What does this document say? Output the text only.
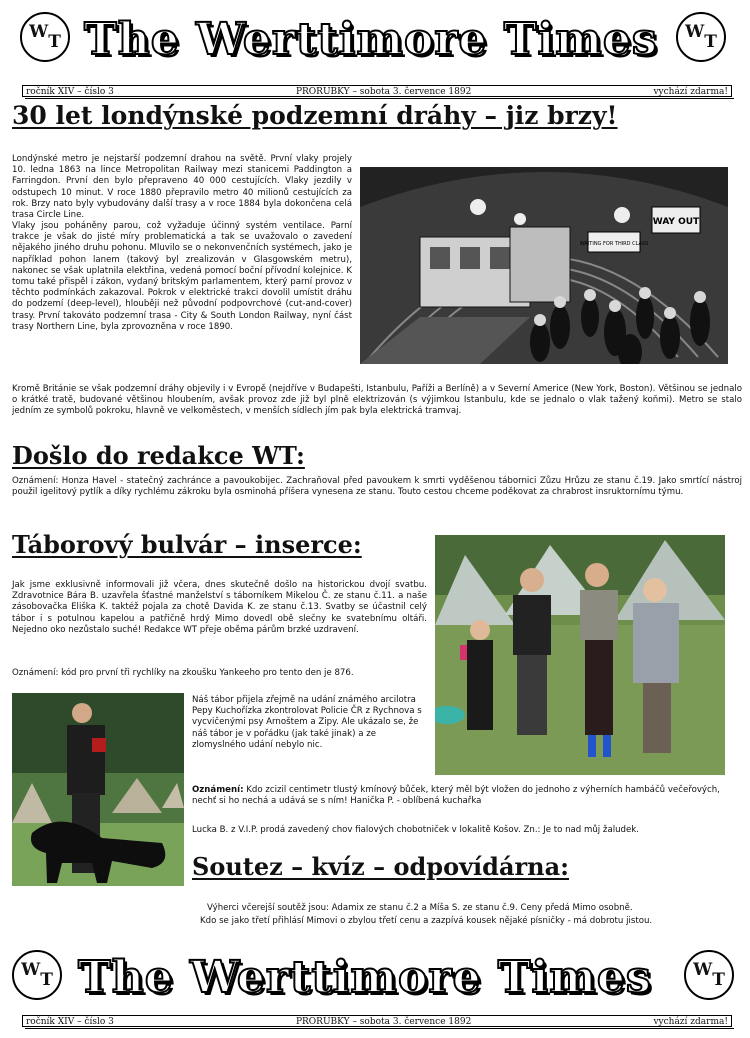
W T The Werttimore Times W T
ročník XIV – číslo 3	PRORUBKY – sobota 3. července 1892	vychází zdarma!
30 let londýnské podzemní dráhy – jiz brzy!
WAY OUT
WAITING FOR THIRD CLASS
Londýnské metro je nejstarší podzemní drahou na světě. První vlaky projely 10. ledna 1863 na lince Metropolitan Railway mezi stanicemi Paddington a Farringdon. První den bylo přepraveno 40 000 cestujících. Vlaky jezdily v odstupech 10 minut. V roce 1880 přepravilo metro 40 milionů cestujících za rok. Brzy nato byly vybudovány další trasy a v roce 1884 byla dokončena celá trasa Circle Line.
Vlaky jsou poháněny parou, což vyžaduje účinný systém ventilace. Parní trakce je však do jisté míry problematická a tak se uvažovalo o zavedení nějakého jiného druhu pohonu. Mluvilo se o nekonvenčních systémech, jako je například pohon lanem (takový byl zrealizován v Glasgowském metru), nakonec se však uplatnila elektřina, vedená pomocí boční přívodní kolejnice. K tomu také přispěl i zákon, vydaný britským parlamentem, který parní provoz v těchto podmínkách zakazoval. Pokrok v elektrické trakci dovolil umístit dráhu do podzemí (deep-level), hlouběji než původní podpovrchové (cut-and-cover) trasy. První takováto podzemní trasa - City & South London Railway, nyní část trasy Northern Line, byla zprovozněna v roce 1890.
Kromě Británie se však podzemní dráhy objevily i v Evropě (nejdříve v Budapešti, Istanbulu, Paříži a Berlíně) a v Severní Americe (New York, Boston). Většinou se jednalo o krátké tratě, budované většinou hloubením, avšak provoz zde již byl plně elektrizován (s výjimkou Istanbulu, kde se jednalo o vlak tažený koňmi). Metro se stalo jedním ze symbolů pokroku, hlavně ve velkoměstech, v menších sídlech jím pak byla elektrická tramvaj.
Došlo do redakce WT:
Oznámení: Honza Havel - statečný zachránce a pavoukobijec. Zachraňoval před pavoukem k smrti vyděšenou tábornici Zůzu Hrůzu ze stanu č.19. Jako smrtící nástroj použil igelitový pytlík a díky rychlému zákroku byla osminohá příšera vynesena ze stanu. Touto cestou chceme poděkovat za chrabrost insruktornímu týmu.
Táborový bulvár – inserce:
Jak jsme exklusivně informovali již včera, dnes skutečně došlo na historickou dvojí svatbu. Zdravotnice Bára B. uzavřela šťastné manželství s táborníkem Mikelou Č. ze stanu č.11. a naše zásobovačka Eliška K. taktéž pojala za chotě Davida K. ze stanu č.13. Svatby se účastnil celý tábor i s potulnou kapelou a patřičně hrdý Mimo dovedl obě slečny ke svatebnímu oltáři. Nejedno oko nezůstalo suché! Redakce WT přeje oběma párům brzké uzdravení.
Oznámení: kód pro první tři rychlíky na zkoušku Yankeeho pro tento den je 876.
Náš tábor přijela zřejmě na udání známého arcilotra Pepy Kuchořízka zkontrolovat Policie ČR z Rychnova s vycvičenými psy Arnoštem a Zipy. Ale ukázalo se, že náš tábor je v pořádku (jak také jinak) a ze zlomyslného udání nebylo nic.
Oznámení: Kdo zcizil centimetr tlustý kmínový bůček, který měl být vložen do jednoho z výherních hambáčů večeřových, nechť si ho nechá a udává se s ním! Hanička P. - oblíbená kuchařka
Lucka B. z V.I.P. prodá zavedený chov fialových chobotniček v lokalitě Košov. Zn.: Je to nad můj žaludek.
Soutez – kvíz – odpovídárna:
Výherci včerejší soutěž jsou: Adamix ze stanu č.2 a Míša S. ze stanu č.9. Ceny předá Mimo osobně.
Kdo se jako třetí přihlásí Mimovi o zbylou třetí cenu a zazpívá kousek nějaké písničky - má dobrotu jistou.
W T The Werttimore Times W T
ročník XIV – číslo 3	PRORUBKY – sobota 3. července 1892	vychází zdarma!
